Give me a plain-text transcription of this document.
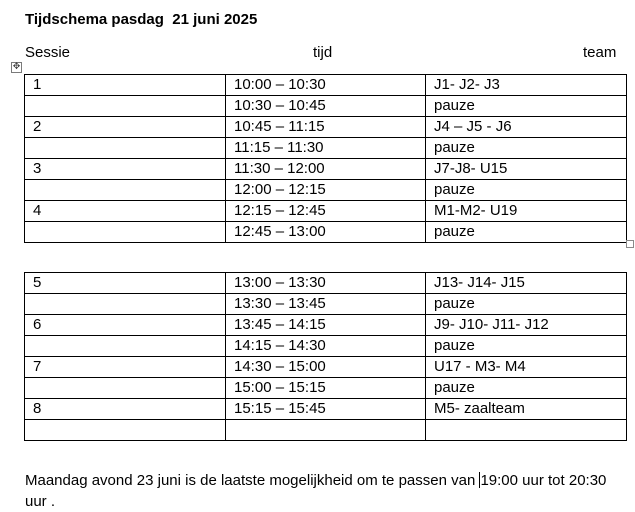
Tijdschema pasdag  21 juni 2025
Sessie	tijd	team
✥
1	10:00 – 10:30	J1- J2- J3
	10:30 – 10:45	pauze
2	10:45 – 11:15	J4 – J5 - J6
	11:15 – 11:30	pauze
3	11:30 – 12:00	J7-J8- U15
	12:00 – 12:15	pauze
4	12:15 – 12:45	M1-M2- U19
	12:45 – 13:00	pauze
5	13:00 – 13:30	J13- J14- J15
	13:30 – 13:45	pauze
6	13:45 – 14:15	J9- J10- J11- J12
	14:15 – 14:30	pauze
7	14:30 – 15:00	U17 - M3- M4
	15:00 – 15:15	pauze
8	15:15 – 15:45	M5- zaalteam

Maandag avond 23 juni is de laatste mogelijkheid om te passen van 19:00 uur tot 20:30 uur .
